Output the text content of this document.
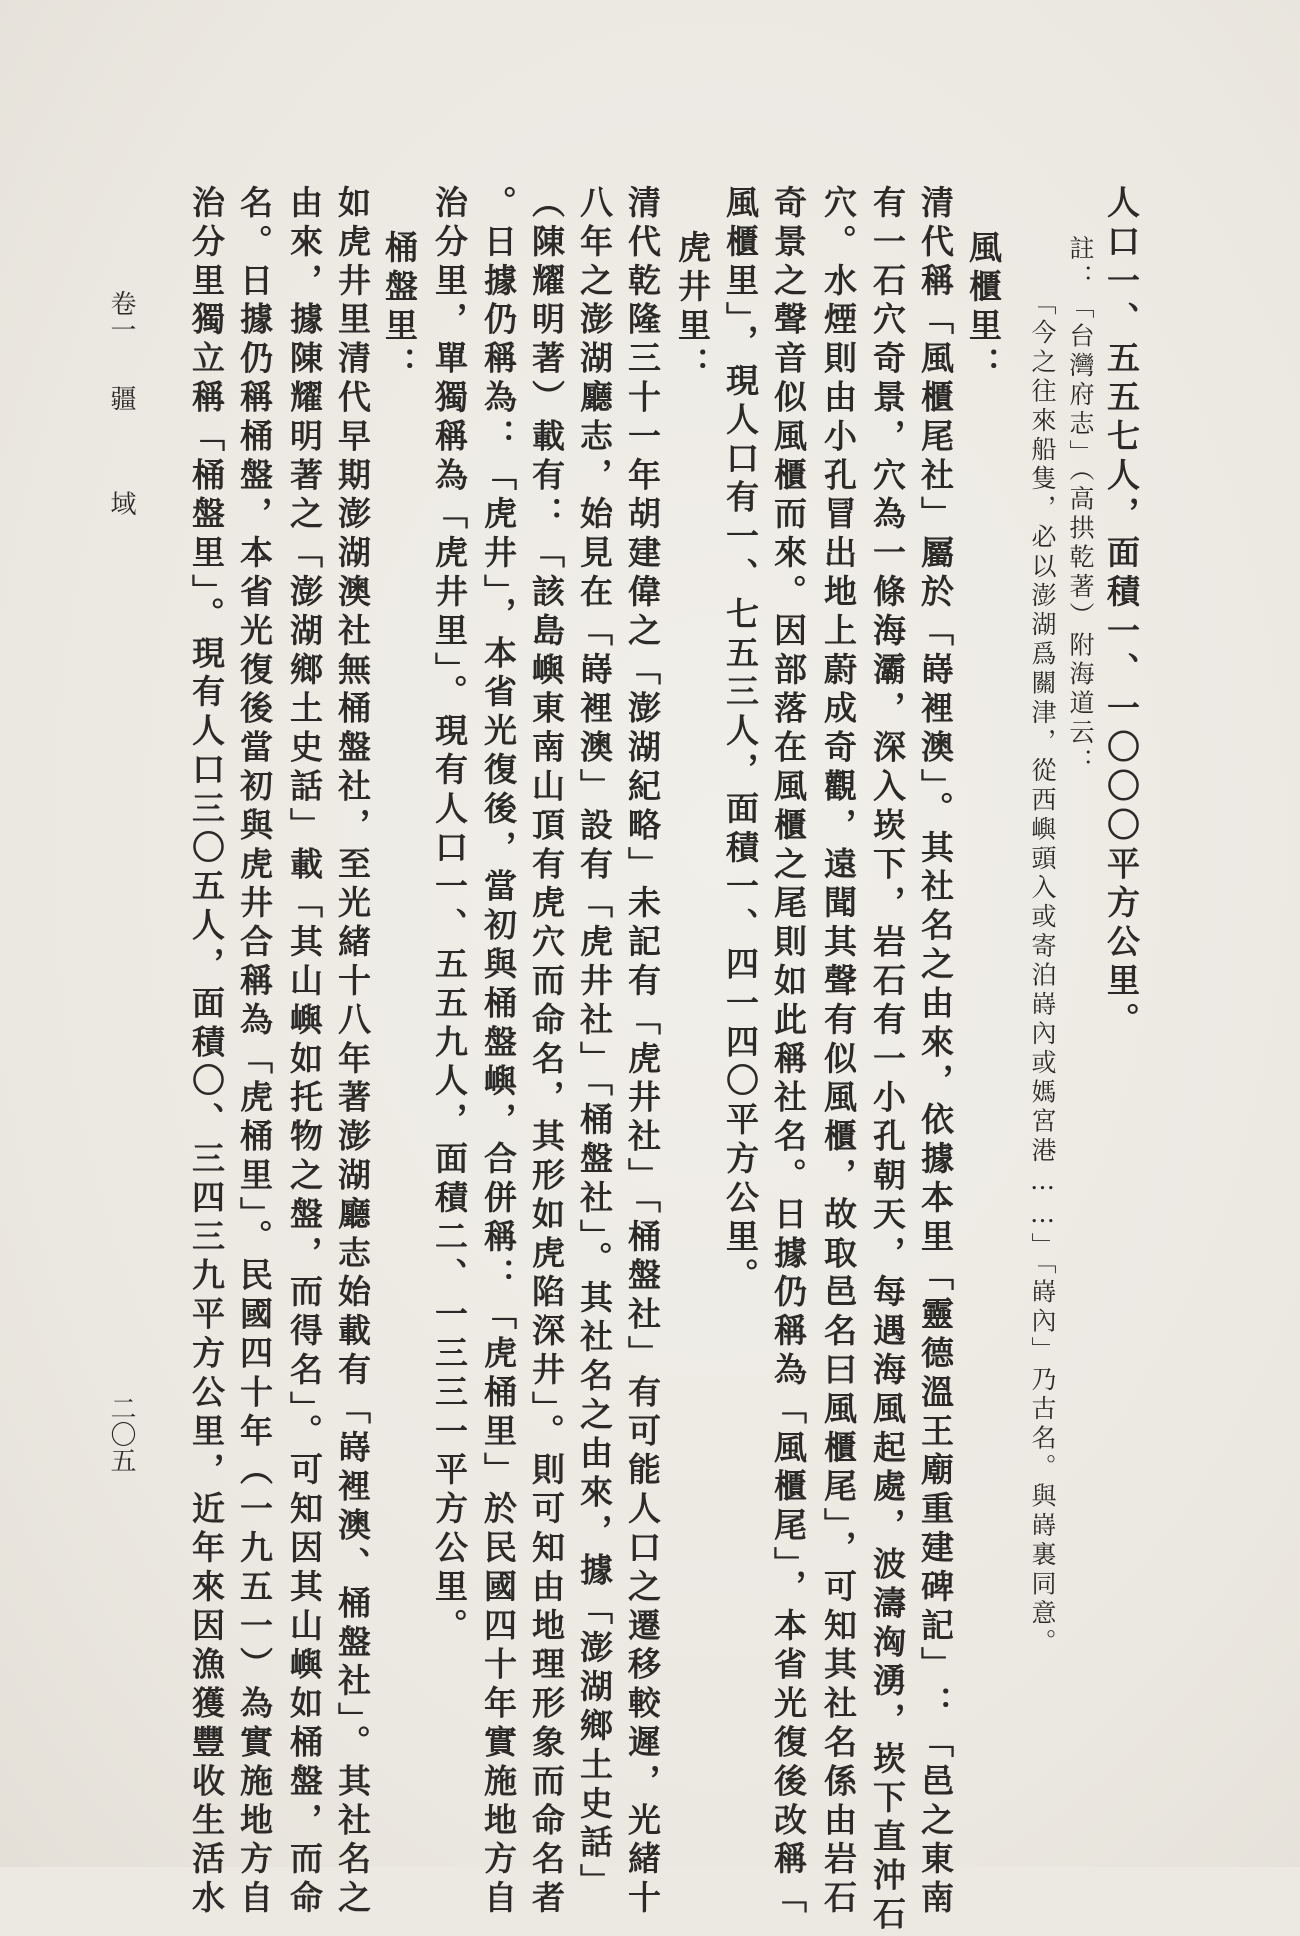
人口一、五五七人，面積一、一〇〇〇平方公里。
註：「台灣府志」（高拱乾著）附海道云：
「今之往來船隻，必以澎湖爲關津，從西嶼頭入或寄泊嵵內或媽宮港……」「嵵內」乃古名。與嵵裏同意。
風櫃里：
清代稱「風櫃尾社」屬於「嵵裡澳」。其社名之由來，依據本里「靈德溫王廟重建碑記」：「邑之東南
有一石穴奇景，穴為一條海灞，深入崁下，岩石有一小孔朝天，每遇海風起處，波濤洶湧，崁下直沖石
穴。水煙則由小孔冒出地上蔚成奇觀，遠聞其聲有似風櫃，故取邑名曰風櫃尾」，可知其社名係由岩石
奇景之聲音似風櫃而來。因部落在風櫃之尾則如此稱社名。日據仍稱為「風櫃尾」，本省光復後改稱「
風櫃里」，現人口有一、七五三人，面積一、四一四〇平方公里。
虎井里：
清代乾隆三十一年胡建偉之「澎湖紀略」未記有「虎井社」「桶盤社」有可能人口之遷移較遲，光緒十
八年之澎湖廳志，始見在「嵵裡澳」設有「虎井社」「桶盤社」。其社名之由來，據「澎湖鄉土史話」
（陳耀明著）載有：「該島嶼東南山頂有虎穴而命名，其形如虎陷深井」。則可知由地理形象而命名者
。日據仍稱為：「虎井」，本省光復後，當初與桶盤嶼，合併稱：「虎桶里」於民國四十年實施地方自
治分里，單獨稱為「虎井里」。現有人口一、五五九人，面積二、一三三一平方公里。
桶盤里：
如虎井里清代早期澎湖澳社無桶盤社，至光緒十八年著澎湖廳志始載有「嵵裡澳、桶盤社」。其社名之
由來，據陳耀明著之「澎湖鄉土史話」載「其山嶼如托物之盤，而得名」。可知因其山嶼如桶盤，而命
名。日據仍稱桶盤，本省光復後當初與虎井合稱為「虎桶里」。民國四十年（一九五一）為實施地方自
治分里獨立稱「桶盤里」。現有人口三〇五人，面積〇、三四三九平方公里，近年來因漁獲豐收生活水
卷一
疆
域
二〇五
